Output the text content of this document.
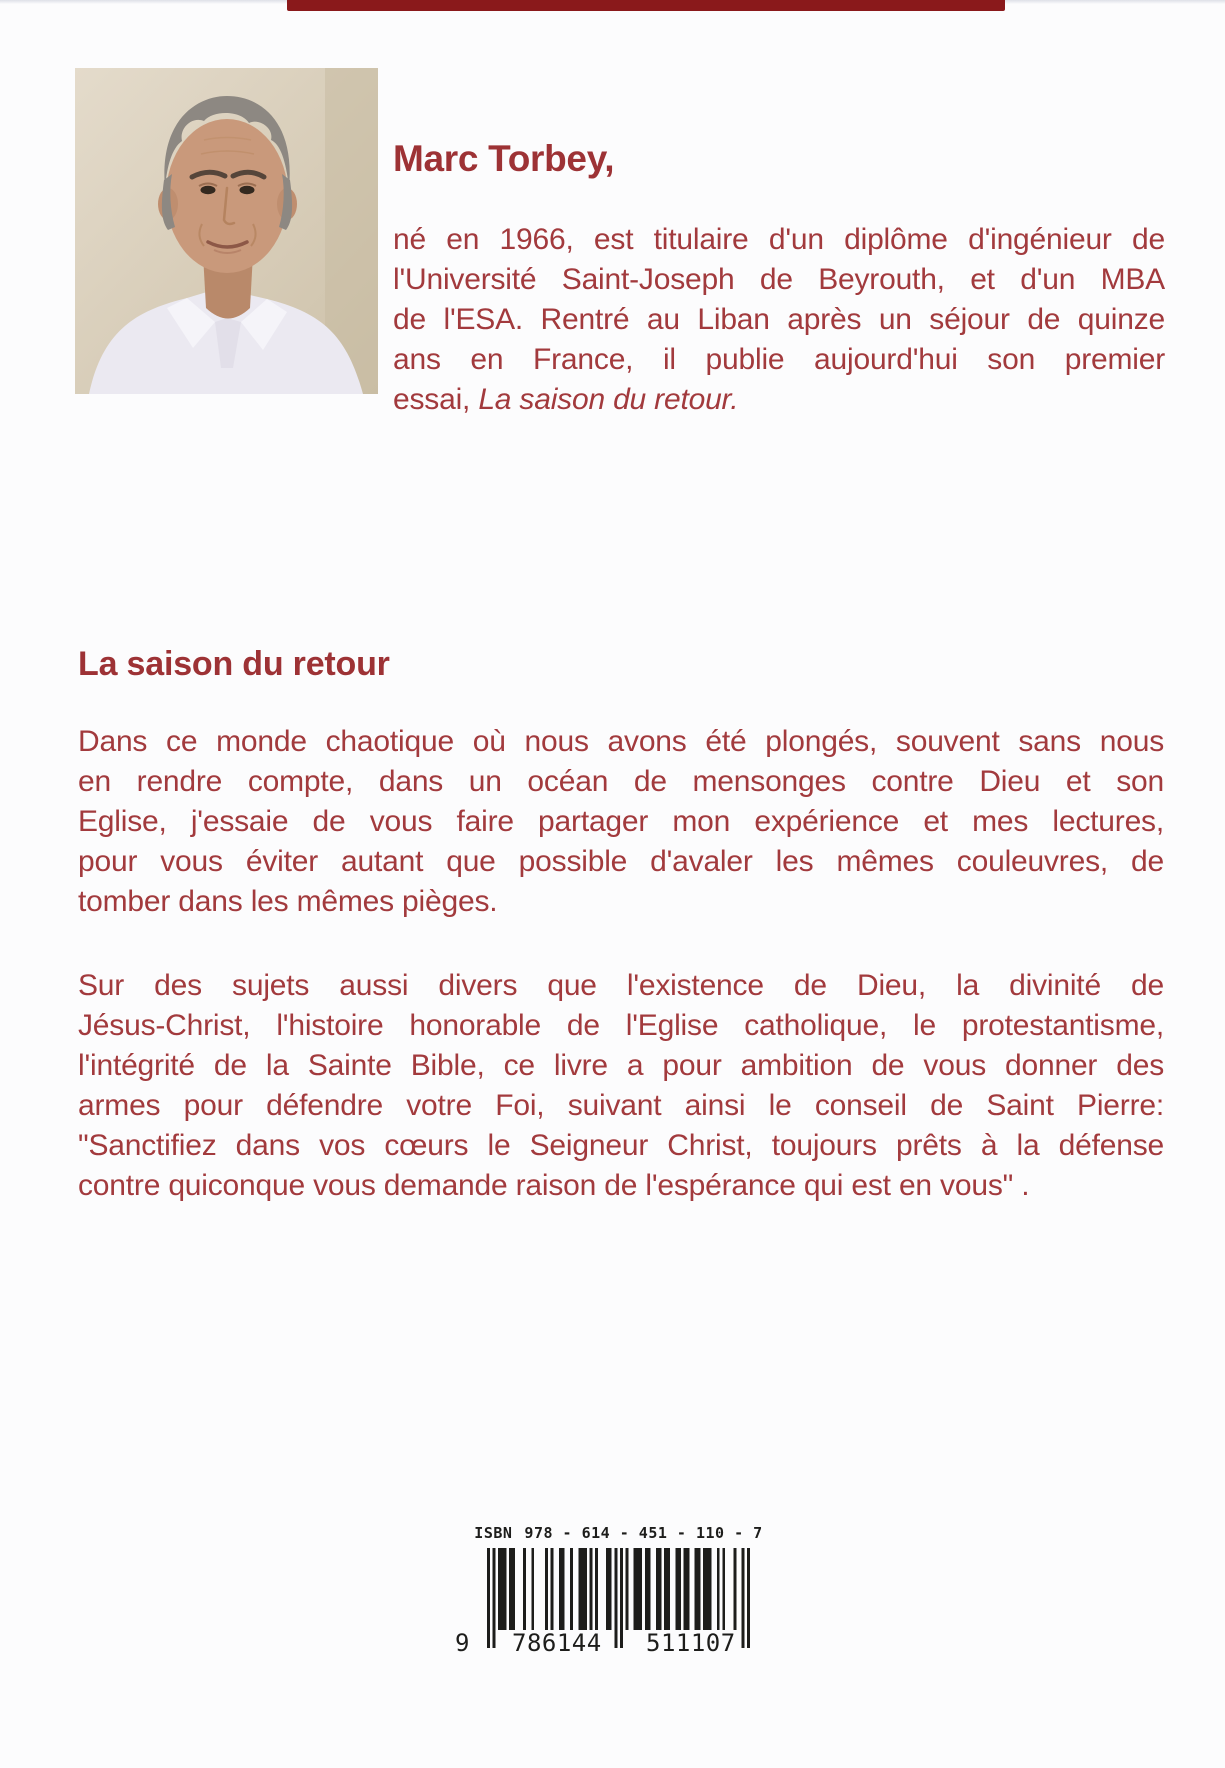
Marc Torbey,
né en 1966, est titulaire d'un diplôme d'ingénieur de
l'Université Saint-Joseph de Beyrouth, et d'un MBA
de l'ESA. Rentré au Liban après un séjour de quinze
ans en France, il publie aujourd'hui son premier
essai, La saison du retour.
La saison du retour
Dans ce monde chaotique où nous avons été plongés, souvent sans nous
en rendre compte, dans un océan de mensonges contre Dieu et son
Eglise, j'essaie de vous faire partager mon expérience et mes lectures,
pour vous éviter autant que possible d'avaler les mêmes couleuvres, de
tomber dans les mêmes pièges.
Sur des sujets aussi divers que l'existence de Dieu, la divinité de
Jésus-Christ, l'histoire honorable de l'Eglise catholique, le protestantisme,
l'intégrité de la Sainte Bible, ce livre a pour ambition de vous donner des
armes pour défendre votre Foi, suivant ainsi le conseil de Saint Pierre:
"Sanctifiez dans vos cœurs le Seigneur Christ, toujours prêts à la défense
contre quiconque vous demande raison de l'espérance qui est en vous" .
ISBN 978 - 614 - 451 - 110 - 7
9 786144 511107
